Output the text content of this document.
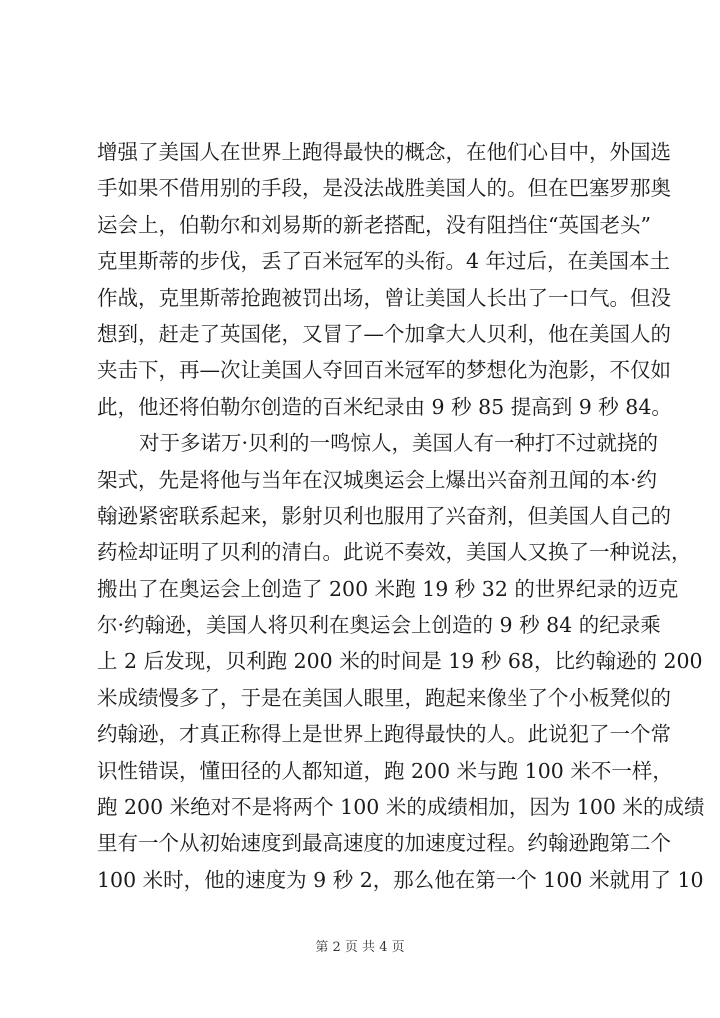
增强了美国人在世界上跑得最快的概念，在他们心目中，外国选
手如果不借用别的手段，是没法战胜美国人的。但在巴塞罗那奥
运会上，伯勒尔和刘易斯的新老搭配，没有阻挡住“英国老头”
克里斯蒂的步伐，丢了百米冠军的头衔。4 年过后，在美国本土
作战，克里斯蒂抢跑被罚出场，曾让美国人长出了一口气。但没
想到，赶走了英国佬，又冒了—个加拿大人贝利，他在美国人的
夹击下，再—次让美国人夺回百米冠军的梦想化为泡影，不仅如
此，他还将伯勒尔创造的百米纪录由 9 秒 85 提高到 9 秒 84。
对于多诺万·贝利的一鸣惊人，美国人有一种打不过就挠的
架式，先是将他与当年在汉城奥运会上爆出兴奋剂丑闻的本·约
翰逊紧密联系起来，影射贝利也服用了兴奋剂，但美国人自己的
药检却证明了贝利的清白。此说不奏效，美国人又换了一种说法，
搬出了在奥运会上创造了 200 米跑 19 秒 32 的世界纪录的迈克
尔·约翰逊，美国人将贝利在奥运会上创造的 9 秒 84 的纪录乘
上 2 后发现，贝利跑 200 米的时间是 19 秒 68，比约翰逊的 200
米成绩慢多了，于是在美国人眼里，跑起来像坐了个小板凳似的
约翰逊，才真正称得上是世界上跑得最快的人。此说犯了一个常
识性错误，懂田径的人都知道，跑 200 米与跑 100 米不一样，
跑 200 米绝对不是将两个 100 米的成绩相加，因为 100 米的成绩
里有一个从初始速度到最高速度的加速度过程。约翰逊跑第二个
100 米时，他的速度为 9 秒 2，那么他在第一个 100 米就用了 10
第 2 页 共 4 页
